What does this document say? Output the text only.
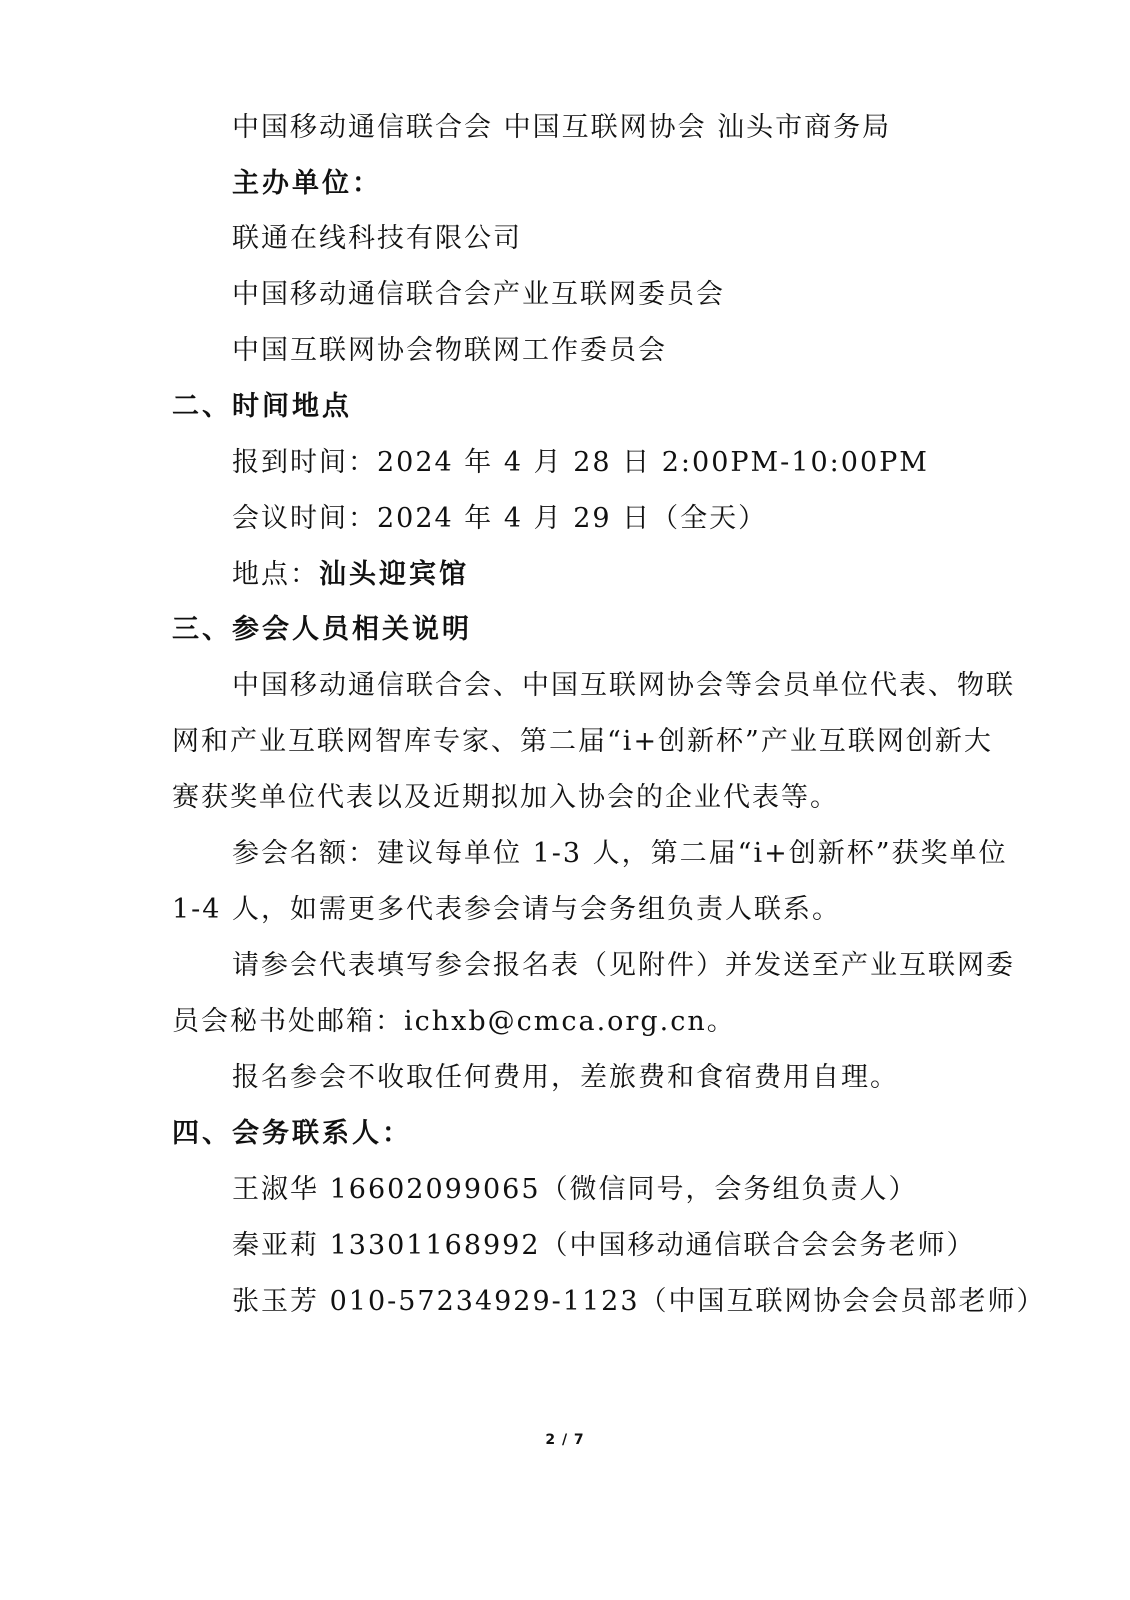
中国移动通信联合会 中国互联网协会 汕头市商务局
主办单位：
联通在线科技有限公司
中国移动通信联合会产业互联网委员会
中国互联网协会物联网工作委员会
二、时间地点
报到时间：2024 年 4 月 28 日 2:00PM-10:00PM
会议时间：2024 年 4 月 29 日（全天）
地点：汕头迎宾馆
三、参会人员相关说明
中国移动通信联合会、中国互联网协会等会员单位代表、物联
网和产业互联网智库专家、第二届“i+创新杯”产业互联网创新大
赛获奖单位代表以及近期拟加入协会的企业代表等。
参会名额：建议每单位 1-3 人，第二届“i+创新杯”获奖单位
1-4 人，如需更多代表参会请与会务组负责人联系。
请参会代表填写参会报名表（见附件）并发送至产业互联网委
员会秘书处邮箱：ichxb@cmca.org.cn。
报名参会不收取任何费用，差旅费和食宿费用自理。
四、会务联系人：
王淑华 16602099065（微信同号，会务组负责人）
秦亚莉 13301168992（中国移动通信联合会会务老师）
张玉芳 010-57234929-1123（中国互联网协会会员部老师）
2 / 7
